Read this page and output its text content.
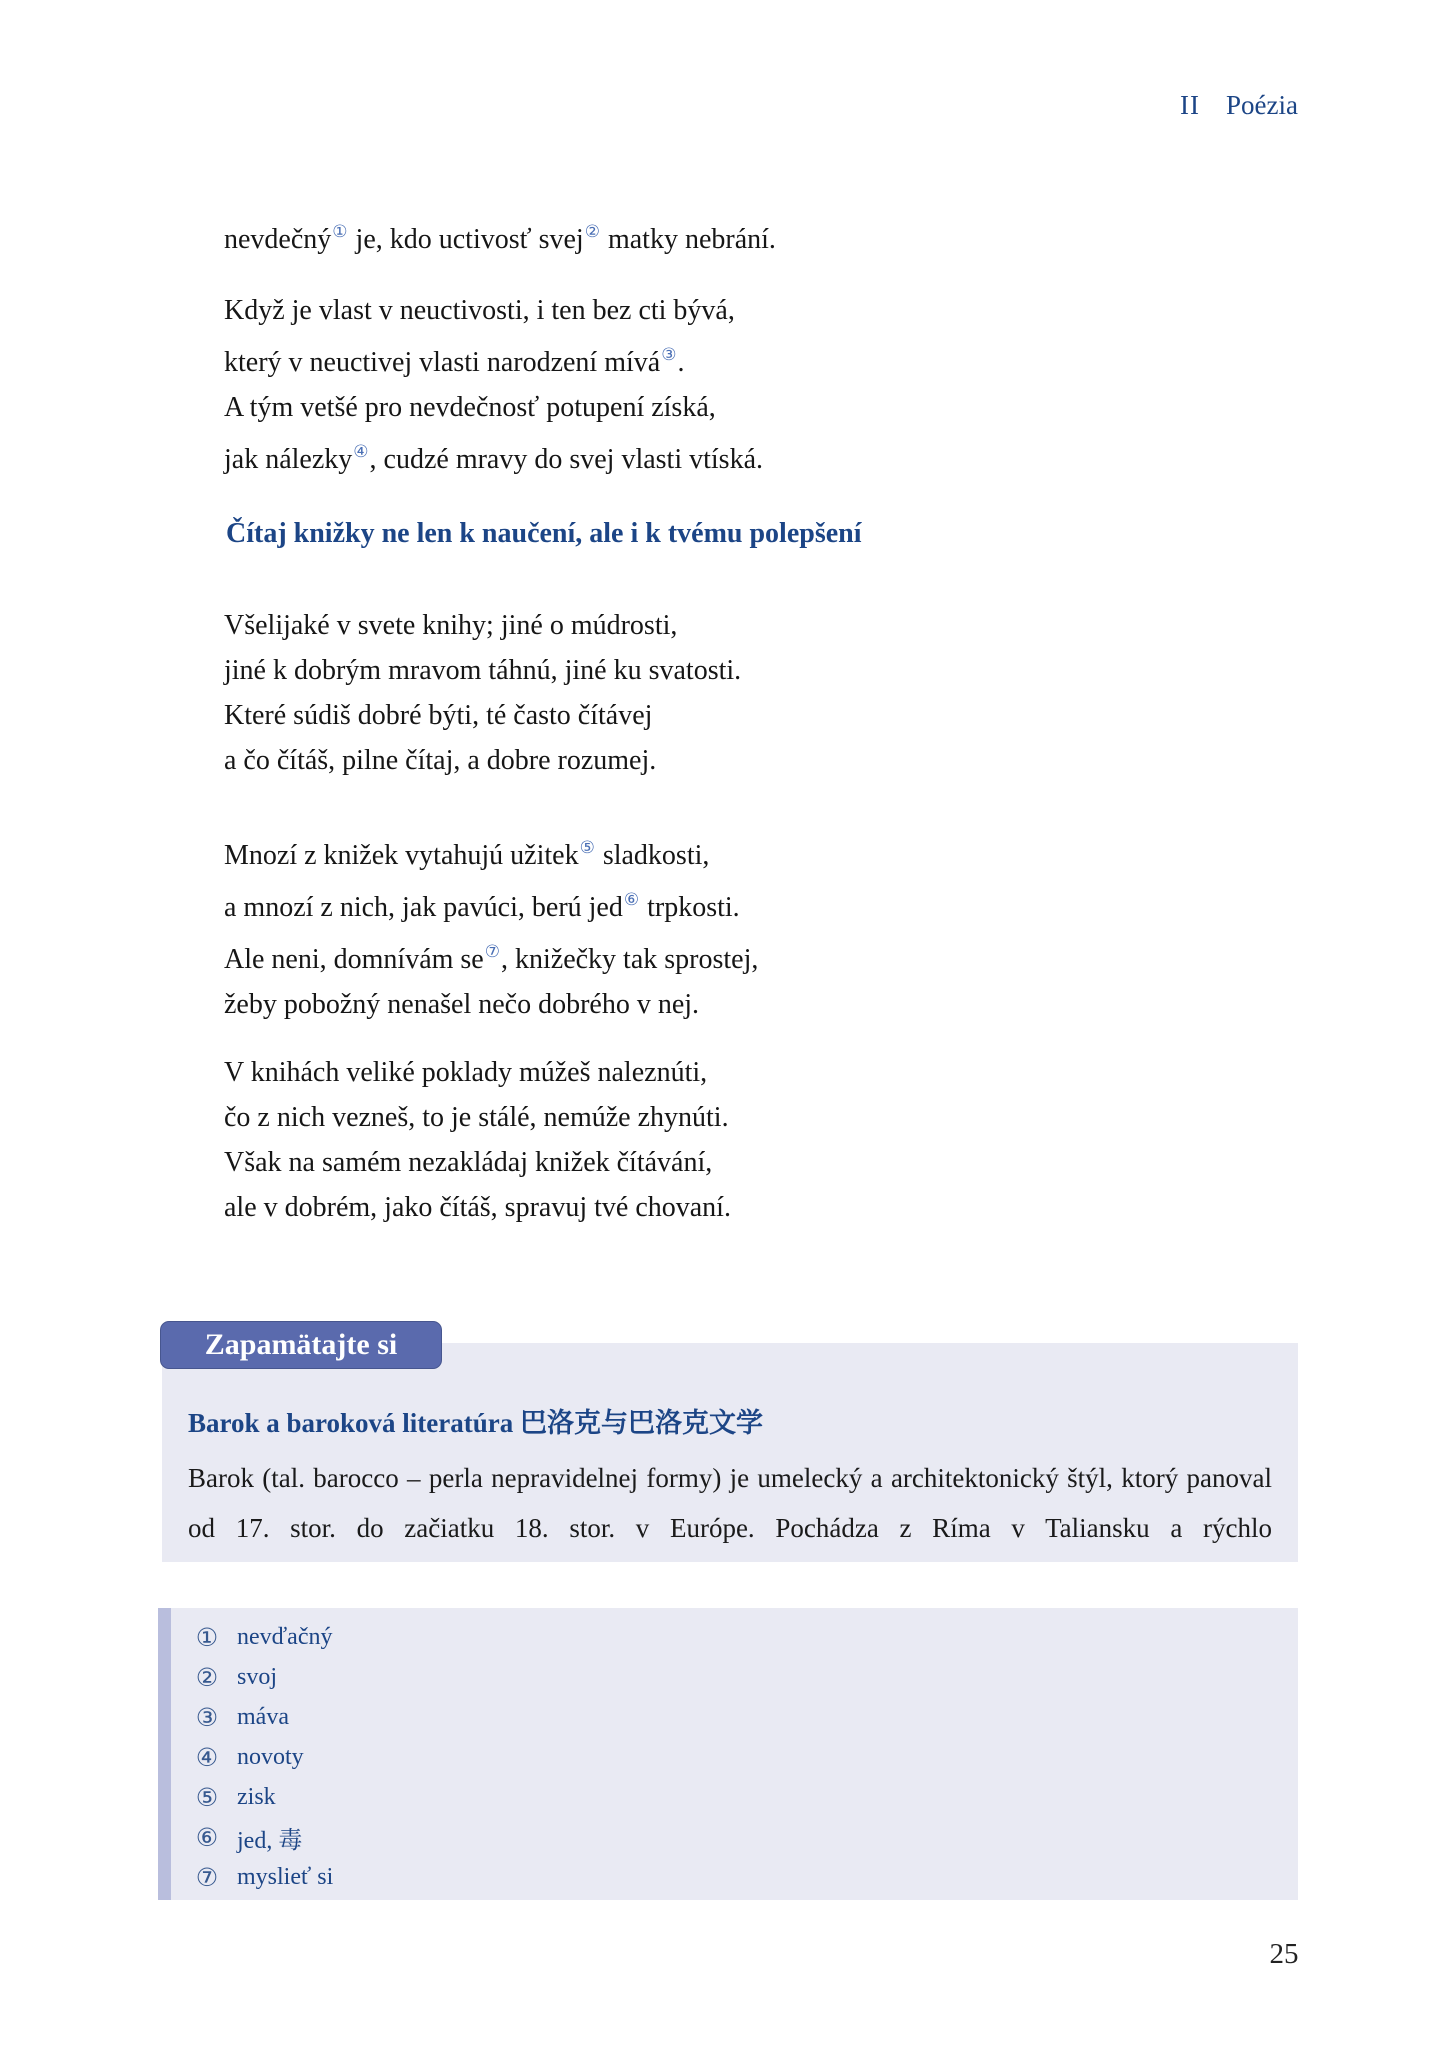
II Poézia
nevdečný① je, kdo uctivosť svej② matky nebrání.
Když je vlast v neuctivosti, i ten bez cti bývá,
který v neuctivej vlasti narodzení mívá③.
A tým vetšé pro nevdečnosť potupení získá,
jak nálezky④, cudzé mravy do svej vlasti vtíská.
Čítaj knižky ne len k naučení, ale i k tvému polepšení
Všelijaké v svete knihy; jiné o múdrosti,
jiné k dobrým mravom táhnú, jiné ku svatosti.
Které súdiš dobré býti, té často čítávej
a čo čítáš, pilne čítaj, a dobre rozumej.
Mnozí z knižek vytahujú užitek⑤ sladkosti,
a mnozí z nich, jak pavúci, berú jed⑥ trpkosti.
Ale neni, domnívám se⑦, knižečky tak sprostej,
žeby pobožný nenašel nečo dobrého v nej.
V knihách veliké poklady múžeš naleznúti,
čo z nich vezneš, to je stálé, nemúže zhynúti.
Však na samém nezakládaj knižek čítávání,
ale v dobrém, jako čítáš, spravuj tvé chovaní.
Barok a baroková literatúra 巴洛克与巴洛克文学
Barok (tal. barocco – perla nepravidelnej formy) je umelecký a architektonický štýl, ktorý panoval od 17. stor. do začiatku 18. stor. v Európe. Pochádza z Ríma v Taliansku a rýchlo
Zapamätajte si
① nevďačný
② svoj
③ máva
④ novoty
⑤ zisk
⑥ jed, 毒
⑦ myslieť si
25
